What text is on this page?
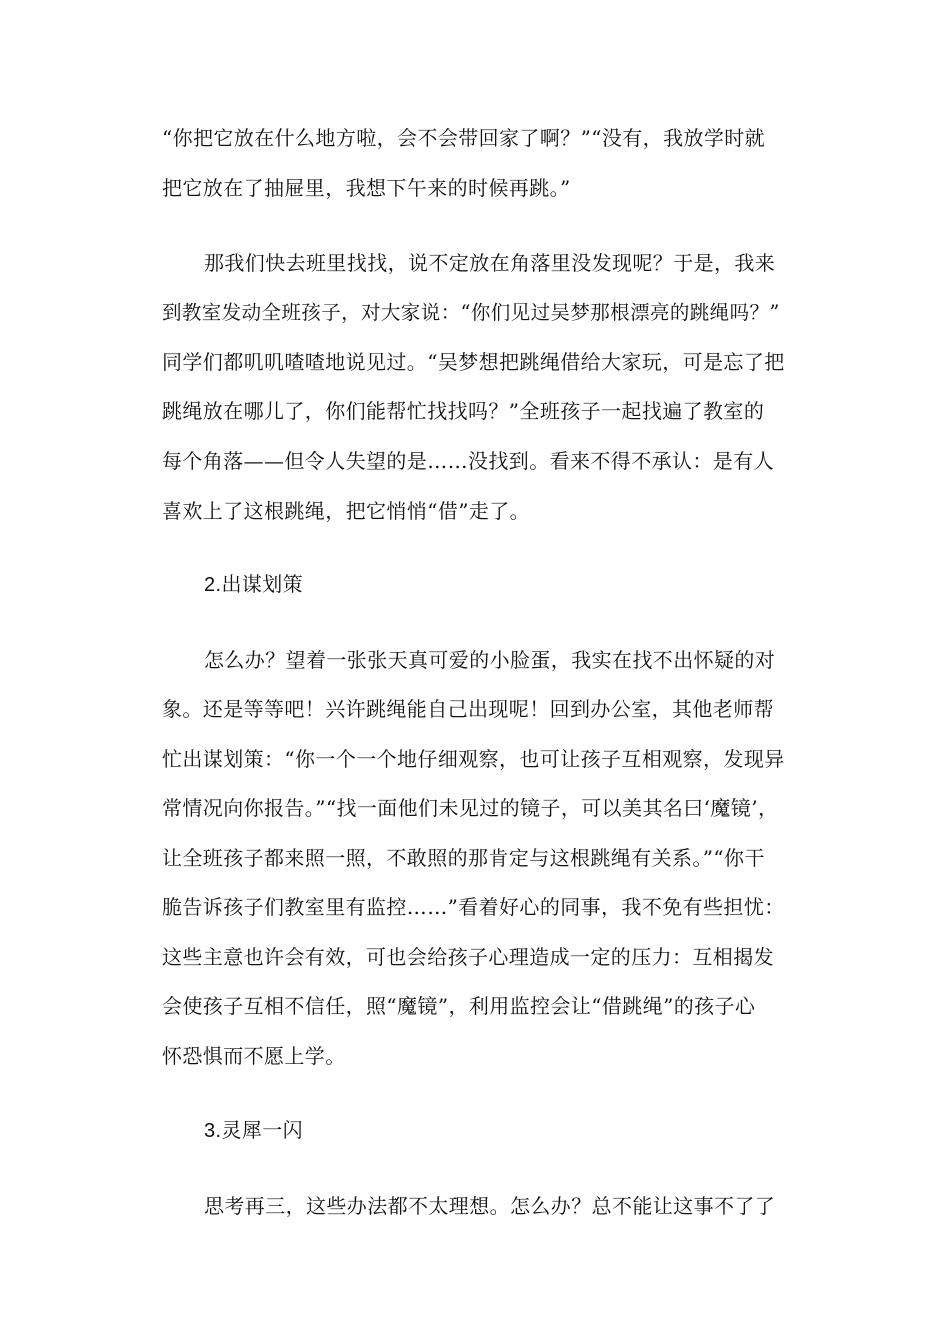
“你把它放在什么地方啦，会不会带回家了啊？”“没有，我放学时就
把它放在了抽屉里，我想下午来的时候再跳。”
那我们快去班里找找，说不定放在角落里没发现呢？于是，我来
到教室发动全班孩子，对大家说：“你们见过吴梦那根漂亮的跳绳吗？”
同学们都叽叽喳喳地说见过。“吴梦想把跳绳借给大家玩，可是忘了把
跳绳放在哪儿了，你们能帮忙找找吗？”全班孩子一起找遍了教室的
每个角落——但令人失望的是……没找到。看来不得不承认：是有人
喜欢上了这根跳绳，把它悄悄“借”走了。
2.出谋划策
怎么办？望着一张张天真可爱的小脸蛋，我实在找不出怀疑的对
象。还是等等吧！兴许跳绳能自己出现呢！回到办公室，其他老师帮
忙出谋划策：“你一个一个地仔细观察，也可让孩子互相观察，发现异
常情况向你报告。”“找一面他们未见过的镜子，可以美其名曰‘魔镜’，
让全班孩子都来照一照，不敢照的那肯定与这根跳绳有关系。”“你干
脆告诉孩子们教室里有监控……”看着好心的同事，我不免有些担忧：
这些主意也许会有效，可也会给孩子心理造成一定的压力：互相揭发
会使孩子互相不信任，照“魔镜”，利用监控会让“借跳绳”的孩子心
怀恐惧而不愿上学。
3.灵犀一闪
思考再三，这些办法都不太理想。怎么办？总不能让这事不了了
